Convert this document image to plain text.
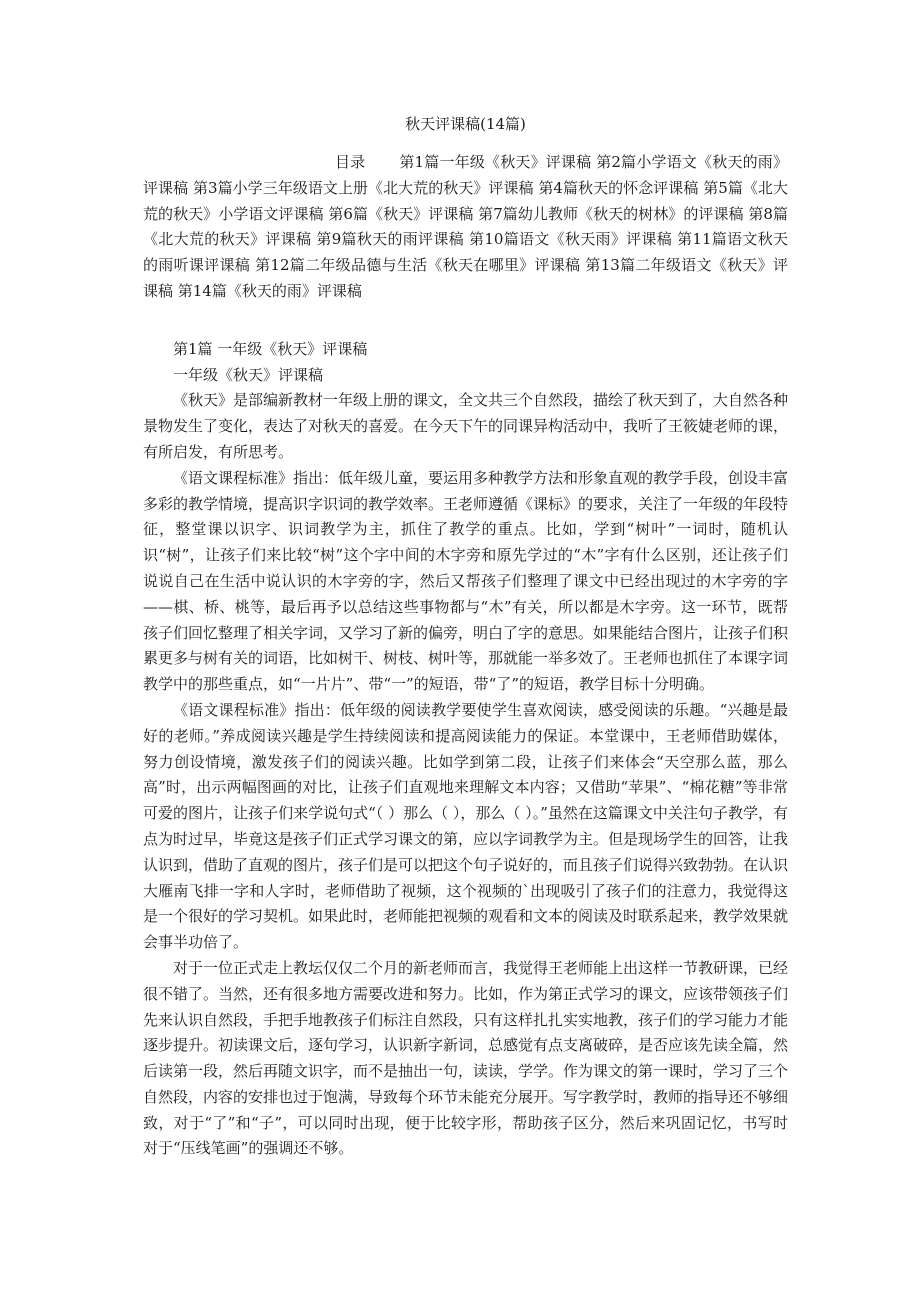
秋天评课稿(14篇)

目录 第1篇一年级《秋天》评课稿 第2篇小学语文《秋天的雨》评课稿 第3篇小学三年级语文上册《北大荒的秋天》评课稿 第4篇秋天的怀念评课稿 第5篇《北大荒的秋天》小学语文评课稿 第6篇《秋天》评课稿 第7篇幼儿教师《秋天的树林》的评课稿 第8篇《北大荒的秋天》评课稿 第9篇秋天的雨评课稿 第10篇语文《秋天雨》评课稿 第11篇语文秋天的雨听课评课稿 第12篇二年级品德与生活《秋天在哪里》评课稿 第13篇二年级语文《秋天》评课稿 第14篇《秋天的雨》评课稿

第1篇 一年级《秋天》评课稿

一年级《秋天》评课稿

《秋天》是部编新教材一年级上册的课文，全文共三个自然段，描绘了秋天到了，大自然各种景物发生了变化，表达了对秋天的喜爱。在今天下午的同课异构活动中，我听了王筱婕老师的课，有所启发，有所思考。

《语文课程标准》指出：低年级儿童，要运用多种教学方法和形象直观的教学手段，创设丰富多彩的教学情境，提高识字识词的教学效率。王老师遵循《课标》的要求，关注了一年级的年段特征，整堂课以识字、识词教学为主，抓住了教学的重点。比如，学到“树叶”一词时，随机认识“树”，让孩子们来比较“树”这个字中间的木字旁和原先学过的“木”字有什么区别，还让孩子们说说自己在生活中说认识的木字旁的字，然后又帮孩子们整理了课文中已经出现过的木字旁的字——棋、桥、桃等，最后再予以总结这些事物都与“木”有关，所以都是木字旁。这一环节，既帮孩子们回忆整理了相关字词，又学习了新的偏旁，明白了字的意思。如果能结合图片，让孩子们积累更多与树有关的词语，比如树干、树枝、树叶等，那就能一举多效了。王老师也抓住了本课字词教学中的那些重点，如“一片片”、带“一”的短语，带“了”的短语，教学目标十分明确。

《语文课程标准》指出：低年级的阅读教学要使学生喜欢阅读，感受阅读的乐趣。“兴趣是最好的老师。”养成阅读兴趣是学生持续阅读和提高阅读能力的保证。本堂课中，王老师借助媒体，努力创设情境，激发孩子们的阅读兴趣。比如学到第二段，让孩子们来体会“天空那么蓝，那么高”时，出示两幅图画的对比，让孩子们直观地来理解文本内容；又借助“苹果”、“棉花糖”等非常可爱的图片，让孩子们来学说句式“（ ）那么（ ），那么（ ）。”虽然在这篇课文中关注句子教学，有点为时过早，毕竟这是孩子们正式学习课文的第，应以字词教学为主。但是现场学生的回答，让我认识到，借助了直观的图片，孩子们是可以把这个句子说好的，而且孩子们说得兴致勃勃。在认识大雁南飞排一字和人字时，老师借助了视频，这个视频的`出现吸引了孩子们的注意力，我觉得这是一个很好的学习契机。如果此时，老师能把视频的观看和文本的阅读及时联系起来，教学效果就会事半功倍了。

对于一位正式走上教坛仅仅二个月的新老师而言，我觉得王老师能上出这样一节教研课，已经很不错了。当然，还有很多地方需要改进和努力。比如，作为第正式学习的课文，应该带领孩子们先来认识自然段，手把手地教孩子们标注自然段，只有这样扎扎实实地教，孩子们的学习能力才能逐步提升。初读课文后，逐句学习，认识新字新词，总感觉有点支离破碎，是否应该先读全篇，然后读第一段，然后再随文识字，而不是抽出一句，读读，学学。作为课文的第一课时，学习了三个自然段，内容的安排也过于饱满，导致每个环节未能充分展开。写字教学时，教师的指导还不够细致，对于“了”和“子”，可以同时出现，便于比较字形，帮助孩子区分，然后来巩固记忆，书写时对于“压线笔画”的强调还不够。
